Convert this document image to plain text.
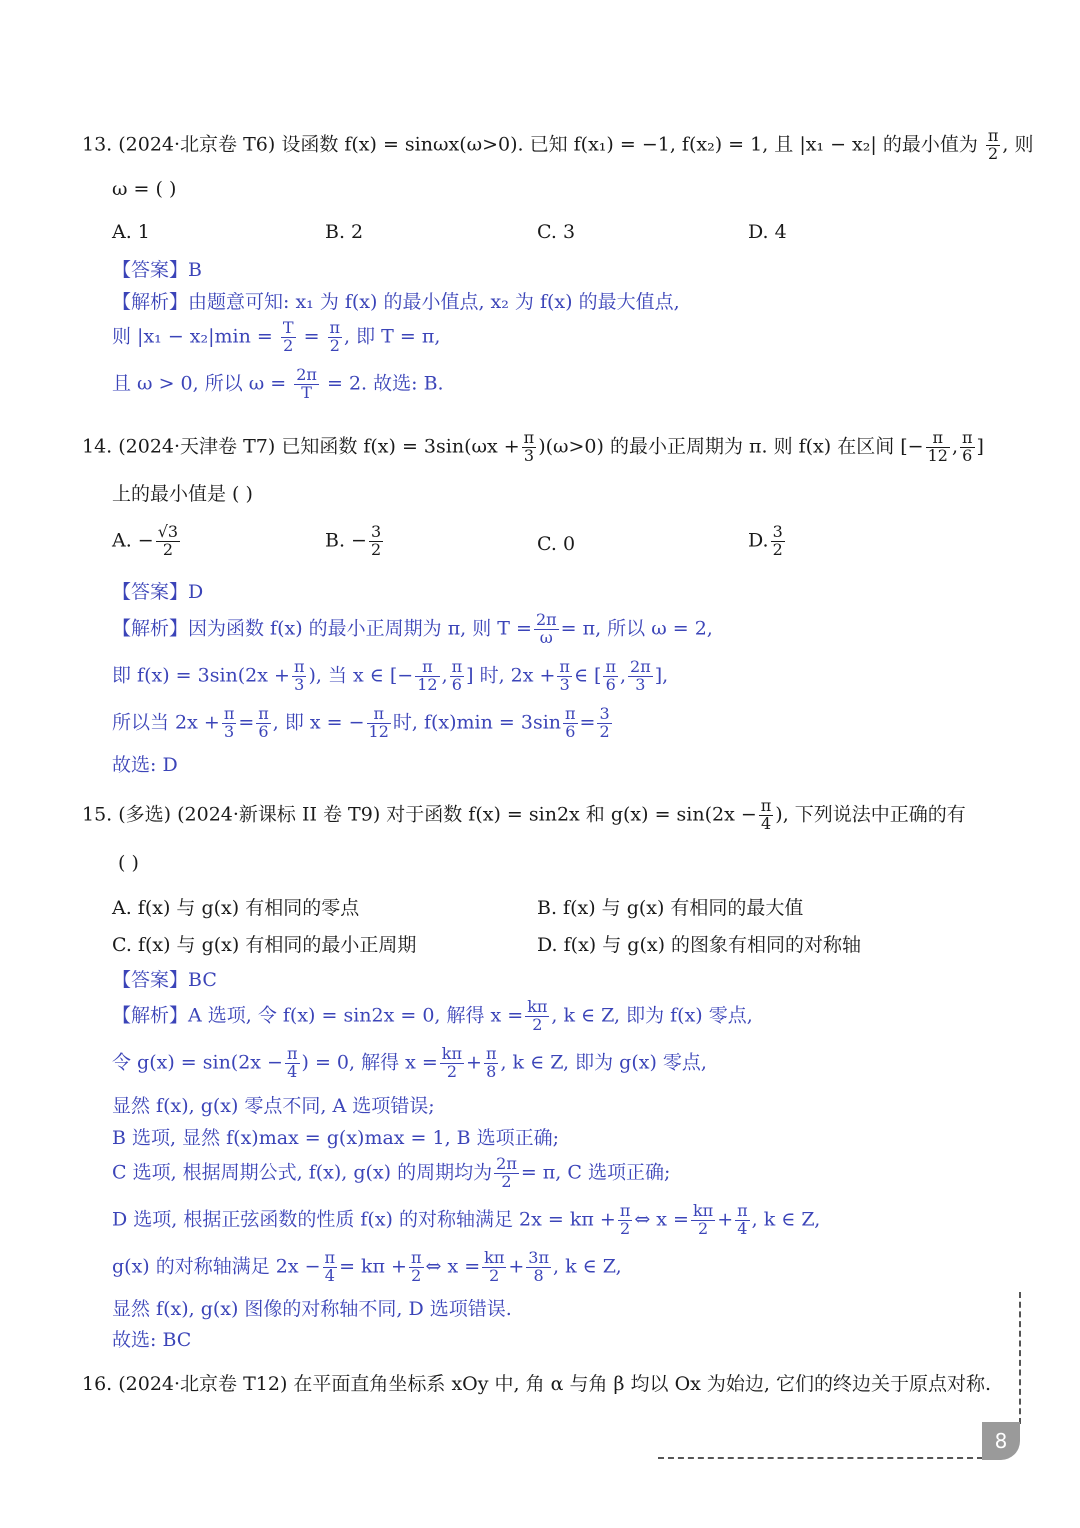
13. (2024·北京卷 T6) 设函数 f(x) = sinωx(ω>0). 已知 f(x₁) = −1, f(x₂) = 1, 且 |x₁ − x₂| 的最小值为 $\frac{\pi}{2}$ , 则
ω = ( )
A. 1	B. 2	C. 3	D. 4
【答案】B
【解析】由题意可知: x₁ 为 f(x) 的最小值点, x₂ 为 f(x) 的最大值点,
则 $|x_1 - x_2|\min = \frac{T}{2} = \frac{\pi}{2}$ , 即 T = π,
且 ω > 0, 所以 $\omega = \frac{2\pi}{T} = 2$. 故选: B.
14. (2024·天津卷 T7) 已知函数 $f(x) = 3\sin(\omega x + \frac{\pi}{3} )(\omega>0)$ 的最小正周期为 π. 则 f(x) 在区间 [− $\frac{\pi}{12}$ , $\frac{\pi}{6}$ ]
上的最小值是 ( )
A. − $\frac{√3}{2}$	B. − $\frac{3}{2}$	C. 0	D. $\frac{3}{2}$
【答案】D
【解析】因为函数 f(x) 的最小正周期为 π, 则 $T = \frac{2\pi}{\omega} = \pi$, 所以 ω = 2,
即 $f(x) = 3\sin(2x + \frac{\pi}{3}$ ), 当 x ∈ [− $\frac{\pi}{12}$ , $\frac{\pi}{6}$ ] 时, $2x + \frac{\pi}{3}$ ∈ [ $\frac{\pi}{6}$ , $\frac{2\pi}{3}$ ],
所以当 $2x + \frac{\pi}{3} = \frac{\pi}{6}$ , 即 x = − $\frac{\pi}{12}$ 时, $f(x)\min = 3\sin \frac{\pi}{6} = \frac{3}{2}$
故选: D
15. (多选) (2024·新课标 II 卷 T9) 对于函数 f(x) = sin2x 和 $g(x) = \sin(2x - \frac{\pi}{4}$ ), 下列说法中正确的有
( )
A. f(x) 与 g(x) 有相同的零点	B. f(x) 与 g(x) 有相同的最大值
C. f(x) 与 g(x) 有相同的最小正周期	D. f(x) 与 g(x) 的图象有相同的对称轴
【答案】BC
【解析】A 选项, 令 f(x) = sin2x = 0, 解得 $x = \frac{k\pi}{2}$ , k ∈ Z, 即为 f(x) 零点,
令 $g(x) = \sin(2x - \frac{\pi}{4}$ ) = 0, 解得 $x = \frac{k\pi}{2} + \frac{\pi}{8}$ , k ∈ Z, 即为 g(x) 零点,
显然 f(x), g(x) 零点不同, A 选项错误;
B 选项, 显然 f(x)max = g(x)max = 1, B 选项正确;
C 选项, 根据周期公式, f(x), g(x) 的周期均为 $\frac{2\pi}{2} = \pi$, C 选项正确;
D 选项, 根据正弦函数的性质 f(x) 的对称轴满足 $2x = k\pi + \frac{\pi}{2}$ ⇔ $x = \frac{k\pi}{2} + \frac{\pi}{4}$ , k ∈ Z,
g(x) 的对称轴满足 $2x - \frac{\pi}{4} = k\pi + \frac{\pi}{2}$ ⇔ $x = \frac{k\pi}{2} + \frac{3\pi}{8}$ , k ∈ Z,
显然 f(x), g(x) 图像的对称轴不同, D 选项错误.
故选: BC
16. (2024·北京卷 T12) 在平面直角坐标系 xOy 中, 角 α 与角 β 均以 Ox 为始边, 它们的终边关于原点对称.
8
